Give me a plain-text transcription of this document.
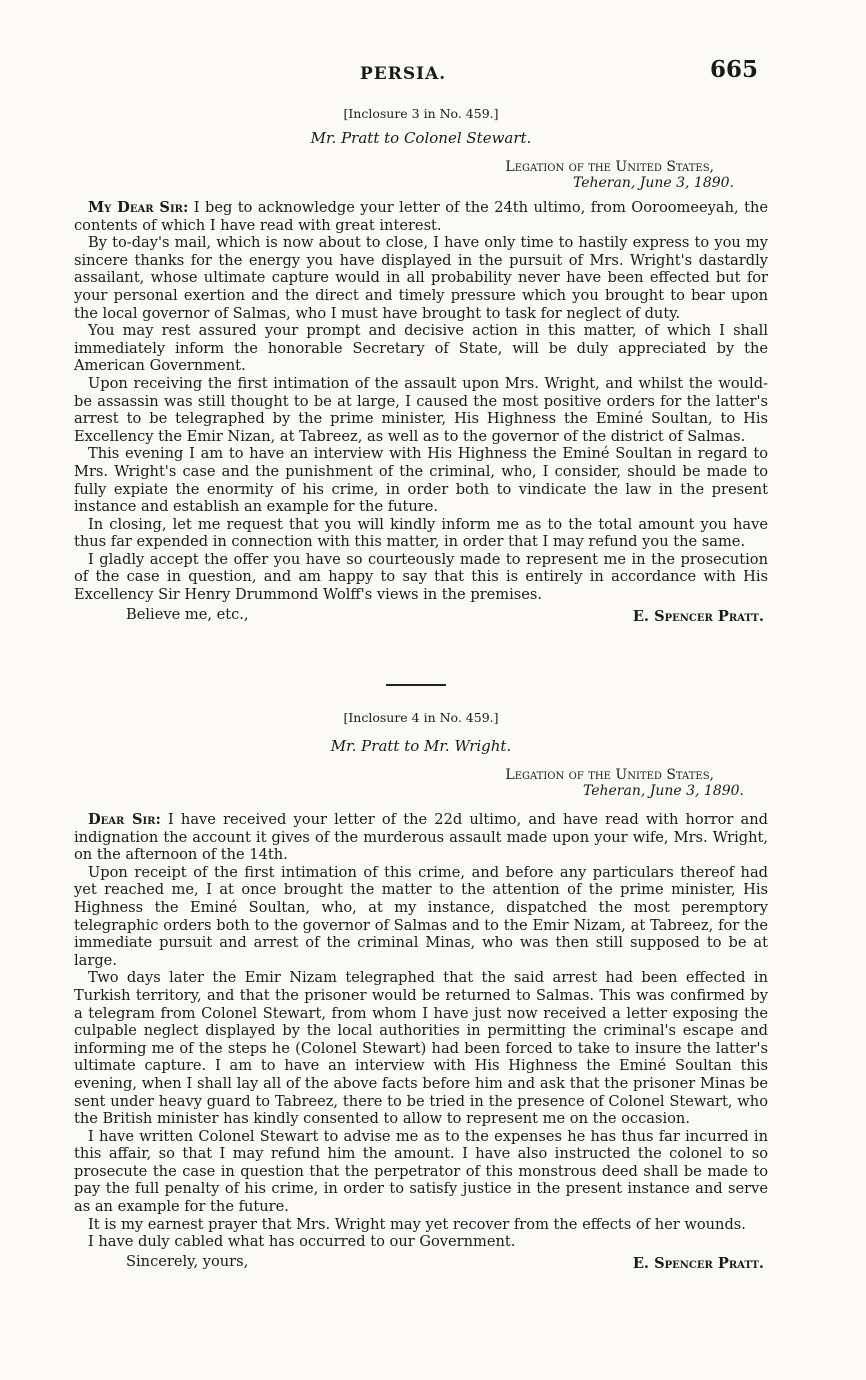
PERSIA.	665

[Inclosure 3 in No. 459.]

Mr. Pratt to Colonel Stewart.

Legation of the United States,

Teheran, June 3, 1890.

My Dear Sir: I beg to acknowledge your letter of the 24th ultimo, from Ooroomeeyah, the contents of which I have read with great interest.

By to-day's mail, which is now about to close, I have only time to hastily express to you my sincere thanks for the energy you have displayed in the pursuit of Mrs. Wright's dastardly assailant, whose ultimate capture would in all probability never have been effected but for your personal exertion and the direct and timely pressure which you brought to bear upon the local governor of Salmas, who I must have brought to task for neglect of duty.

You may rest assured your prompt and decisive action in this matter, of which I shall immediately inform the honorable Secretary of State, will be duly appreciated by the American Government.

Upon receiving the first intimation of the assault upon Mrs. Wright, and whilst the would-be assassin was still thought to be at large, I caused the most positive orders for the latter's arrest to be telegraphed by the prime minister, His Highness the Eminé Soultan, to His Excellency the Emir Nizan, at Tabreez, as well as to the governor of the district of Salmas.

This evening I am to have an interview with His Highness the Eminé Soultan in regard to Mrs. Wright's case and the punishment of the criminal, who, I consider, should be made to fully expiate the enormity of his crime, in order both to vindicate the law in the present instance and establish an example for the future.

In closing, let me request that you will kindly inform me as to the total amount you have thus far expended in connection with this matter, in order that I may refund you the same.

I gladly accept the offer you have so courteously made to represent me in the prosecution of the case in question, and am happy to say that this is entirely in accordance with His Excellency Sir Henry Drummond Wolff's views in the premises.

Believe me, etc.,	E. Spencer Pratt.

[Inclosure 4 in No. 459.]

Mr. Pratt to Mr. Wright.

Legation of the United States,

Teheran, June 3, 1890.

Dear Sir: I have received your letter of the 22d ultimo, and have read with horror and indignation the account it gives of the murderous assault made upon your wife, Mrs. Wright, on the afternoon of the 14th.

Upon receipt of the first intimation of this crime, and before any particulars thereof had yet reached me, I at once brought the matter to the attention of the prime minister, His Highness the Eminé Soultan, who, at my instance, dispatched the most peremptory telegraphic orders both to the governor of Salmas and to the Emir Nizam, at Tabreez, for the immediate pursuit and arrest of the criminal Minas, who was then still supposed to be at large.

Two days later the Emir Nizam telegraphed that the said arrest had been effected in Turkish territory, and that the prisoner would be returned to Salmas. This was confirmed by a telegram from Colonel Stewart, from whom I have just now received a letter exposing the culpable neglect displayed by the local authorities in permitting the criminal's escape and informing me of the steps he (Colonel Stewart) had been forced to take to insure the latter's ultimate capture. I am to have an interview with His Highness the Eminé Soultan this evening, when I shall lay all of the above facts before him and ask that the prisoner Minas be sent under heavy guard to Tabreez, there to be tried in the presence of Colonel Stewart, who the British minister has kindly consented to allow to represent me on the occasion.

I have written Colonel Stewart to advise me as to the expenses he has thus far incurred in this affair, so that I may refund him the amount. I have also instructed the colonel to so prosecute the case in question that the perpetrator of this monstrous deed shall be made to pay the full penalty of his crime, in order to satisfy justice in the present instance and serve as an example for the future.

It is my earnest prayer that Mrs. Wright may yet recover from the effects of her wounds.

I have duly cabled what has occurred to our Government.

Sincerely, yours,	E. Spencer Pratt.
